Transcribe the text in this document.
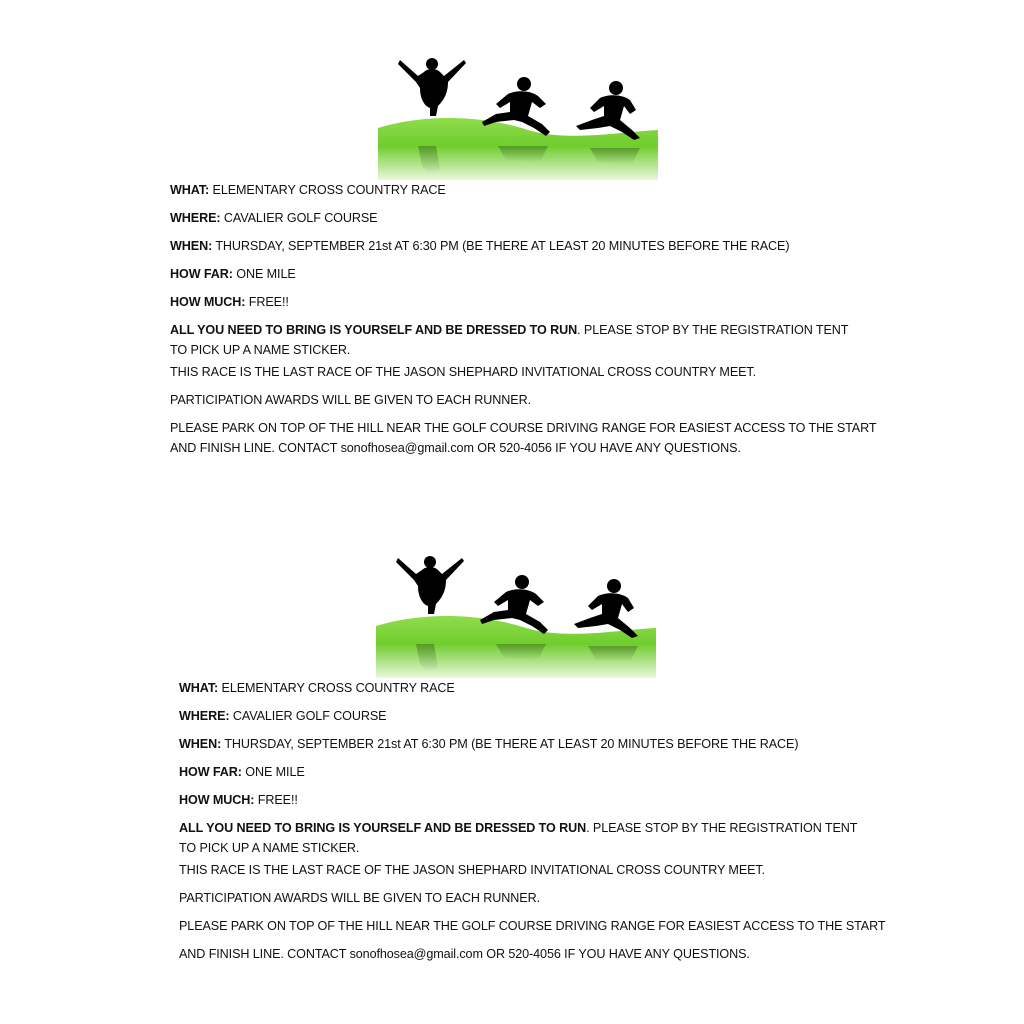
WHAT: ELEMENTARY CROSS COUNTRY RACE
WHERE: CAVALIER GOLF COURSE
WHEN: THURSDAY, SEPTEMBER 21st AT 6:30 PM (BE THERE AT LEAST 20 MINUTES BEFORE THE RACE)
HOW FAR: ONE MILE
HOW MUCH: FREE!!
ALL YOU NEED TO BRING IS YOURSELF AND BE DRESSED TO RUN. PLEASE STOP BY THE REGISTRATION TENT TO PICK UP A NAME STICKER.
THIS RACE IS THE LAST RACE OF THE JASON SHEPHARD INVITATIONAL CROSS COUNTRY MEET.
PARTICIPATION AWARDS WILL BE GIVEN TO EACH RUNNER.
PLEASE PARK ON TOP OF THE HILL NEAR THE GOLF COURSE DRIVING RANGE FOR EASIEST ACCESS TO THE START
AND FINISH LINE. CONTACT sonofhosea@gmail.com OR 520-4056 IF YOU HAVE ANY QUESTIONS.
WHAT: ELEMENTARY CROSS COUNTRY RACE
WHERE: CAVALIER GOLF COURSE
WHEN: THURSDAY, SEPTEMBER 21st AT 6:30 PM (BE THERE AT LEAST 20 MINUTES BEFORE THE RACE)
HOW FAR: ONE MILE
HOW MUCH: FREE!!
ALL YOU NEED TO BRING IS YOURSELF AND BE DRESSED TO RUN. PLEASE STOP BY THE REGISTRATION TENT TO PICK UP A NAME STICKER.
THIS RACE IS THE LAST RACE OF THE JASON SHEPHARD INVITATIONAL CROSS COUNTRY MEET.
PARTICIPATION AWARDS WILL BE GIVEN TO EACH RUNNER.
PLEASE PARK ON TOP OF THE HILL NEAR THE GOLF COURSE DRIVING RANGE FOR EASIEST ACCESS TO THE START
AND FINISH LINE. CONTACT sonofhosea@gmail.com OR 520-4056 IF YOU HAVE ANY QUESTIONS.
